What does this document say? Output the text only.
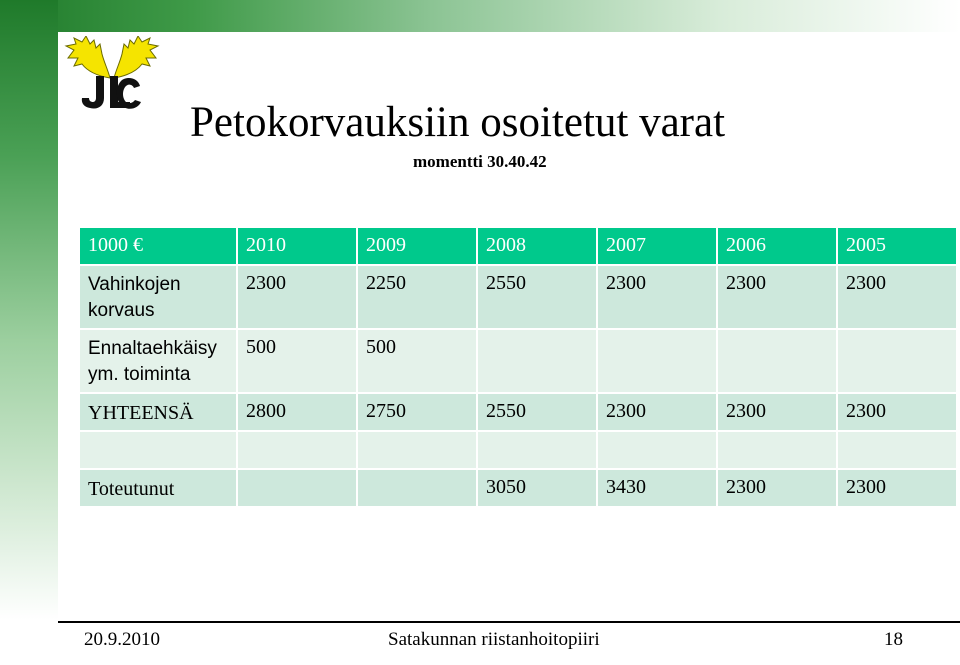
Petokorvauksiin osoitetut varat
momentti 30.40.42
1000 €	2010	2009	2008	2007	2006	2005
Vahinkojen korvaus	2300	2250	2550	2300	2300	2300
Ennaltaehkäisy ym. toiminta	500	500				
YHTEENSÄ	2800	2750	2550	2300	2300	2300

Toteutunut			3050	3430	2300	2300
20.9.2010	Satakunnan riistanhoitopiiri	18
